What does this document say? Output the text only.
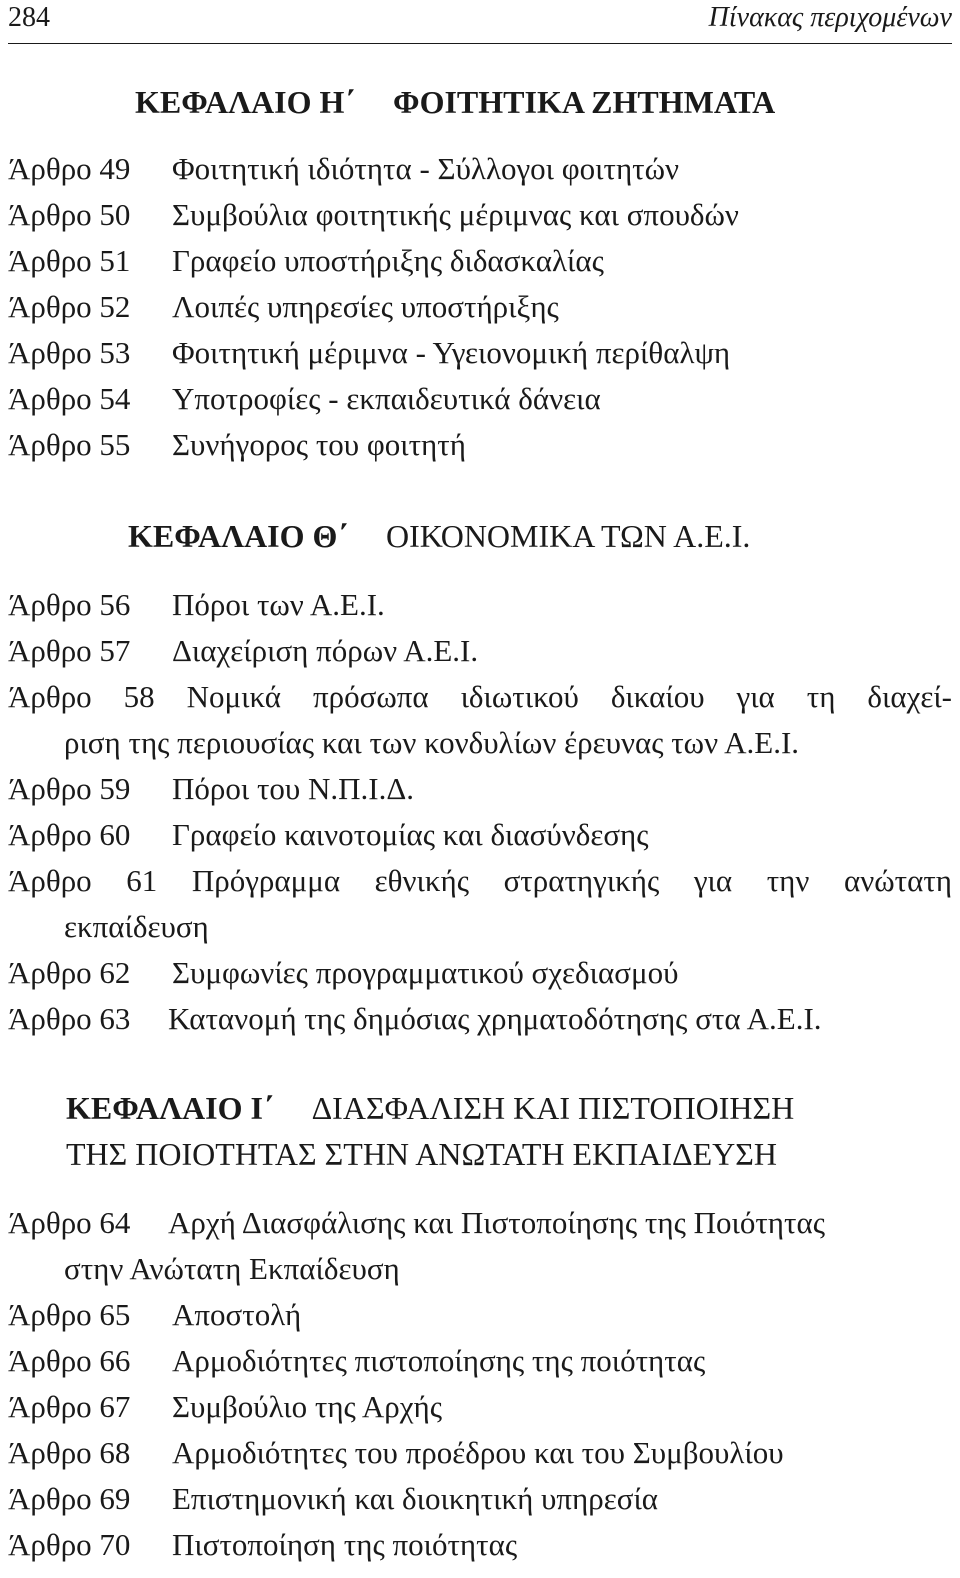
284	Πίνακας περιχομένων
ΚΕΦΑΛΑΙΟ Η΄ ΦΟΙΤΗΤΙΚΑ ΖΗΤΗΜΑΤΑ
Άρθρο 49 Φοιτητική ιδιότητα - Σύλλογοι φοιτητών
Άρθρο 50 Συμβούλια φοιτητικής μέριμνας και σπουδών
Άρθρο 51 Γραφείο υποστήριξης διδασκαλίας
Άρθρο 52 Λοιπές υπηρεσίες υποστήριξης
Άρθρο 53 Φοιτητική μέριμνα - Υγειονομική περίθαλψη
Άρθρο 54 Υποτροφίες - εκπαιδευτικά δάνεια
Άρθρο 55 Συνήγορος του φοιτητή
ΚΕΦΑΛΑΙΟ Θ΄ ΟΙΚΟΝΟΜΙΚΑ ΤΩΝ Α.Ε.Ι.
Άρθρο 56 Πόροι των Α.Ε.Ι.
Άρθρο 57 Διαχείριση πόρων Α.Ε.Ι.
Άρθρο 58 Νομικά πρόσωπα ιδιωτικού δικαίου για τη διαχεί-
ριση της περιουσίας και των κονδυλίων έρευνας των Α.Ε.Ι.
Άρθρο 59 Πόροι του Ν.Π.Ι.Δ.
Άρθρο 60 Γραφείο καινοτομίας και διασύνδεσης
Άρθρο 61 Πρόγραμμα εθνικής στρατηγικής για την ανώτατη
εκπαίδευση
Άρθρο 62 Συμφωνίες προγραμματικού σχεδιασμού
Άρθρο 63 Κατανομή της δημόσιας χρηματοδότησης στα Α.Ε.Ι.
ΚΕΦΑΛΑΙΟ Ι΄ ΔΙΑΣΦΑΛΙΣΗ ΚΑΙ ΠΙΣΤΟΠΟΙΗΣΗ
ΤΗΣ ΠΟΙΟΤΗΤΑΣ ΣΤΗΝ ΑΝΩΤΑΤΗ ΕΚΠΑΙΔΕΥΣΗ
Άρθρο 64 Αρχή Διασφάλισης και Πιστοποίησης της Ποιότητας
στην Ανώτατη Εκπαίδευση
Άρθρο 65 Αποστολή
Άρθρο 66 Αρμοδιότητες πιστοποίησης της ποιότητας
Άρθρο 67 Συμβούλιο της Αρχής
Άρθρο 68 Αρμοδιότητες του προέδρου και του Συμβουλίου
Άρθρο 69 Επιστημονική και διοικητική υπηρεσία
Άρθρο 70 Πιστοποίηση της ποιότητας
